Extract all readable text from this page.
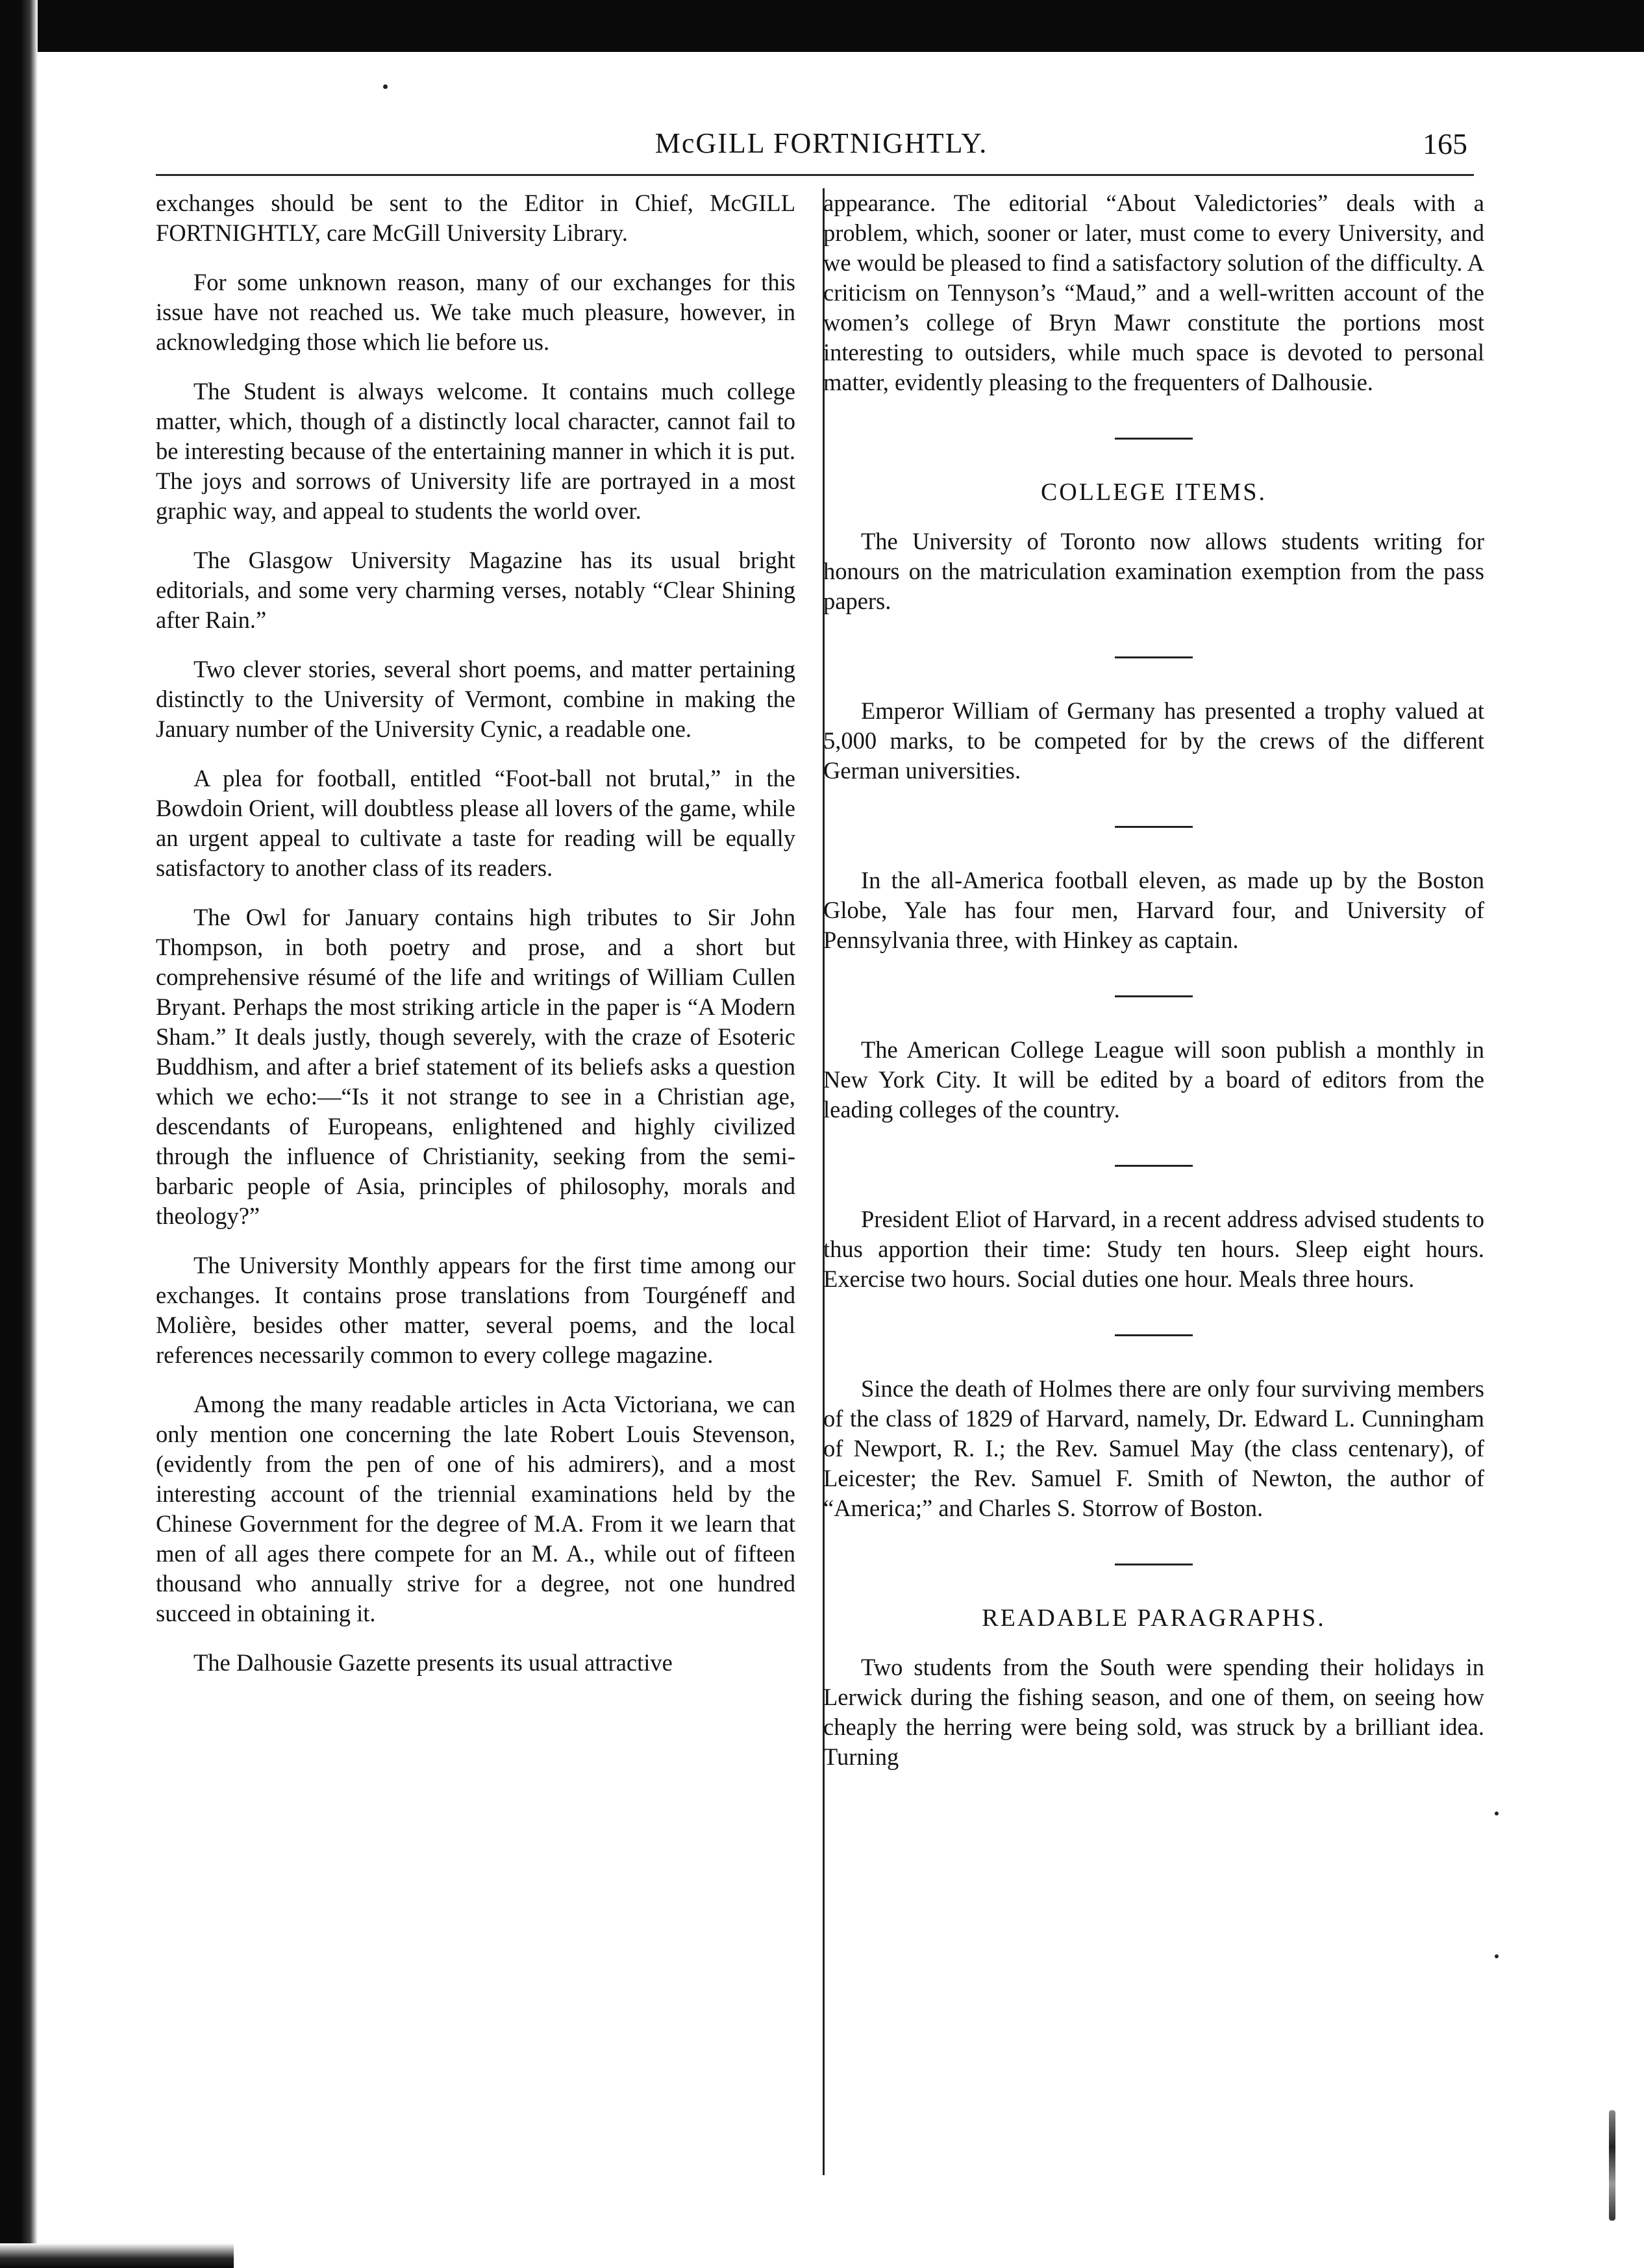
McGILL FORTNIGHTLY.	165

exchanges should be sent to the Editor in Chief, McGILL FORTNIGHTLY, care McGill University Library.

For some unknown reason, many of our exchanges for this issue have not reached us. We take much pleasure, however, in acknowledging those which lie before us.

The Student is always welcome. It contains much college matter, which, though of a distinctly local character, cannot fail to be interesting because of the entertaining manner in which it is put. The joys and sorrows of University life are portrayed in a most graphic way, and appeal to students the world over.

The Glasgow University Magazine has its usual bright editorials, and some very charming verses, notably “Clear Shining after Rain.”

Two clever stories, several short poems, and matter pertaining distinctly to the University of Vermont, combine in making the January number of the University Cynic, a readable one.

A plea for football, entitled “Foot-ball not brutal,” in the Bowdoin Orient, will doubtless please all lovers of the game, while an urgent appeal to cultivate a taste for reading will be equally satisfactory to another class of its readers.

The Owl for January contains high tributes to Sir John Thompson, in both poetry and prose, and a short but comprehensive résumé of the life and writings of William Cullen Bryant. Perhaps the most striking article in the paper is “A Modern Sham.” It deals justly, though severely, with the craze of Esoteric Buddhism, and after a brief statement of its beliefs asks a question which we echo:—“Is it not strange to see in a Christian age, descendants of Europeans, enlightened and highly civilized through the influence of Christianity, seeking from the semi-barbaric people of Asia, principles of philosophy, morals and theology?”

The University Monthly appears for the first time among our exchanges. It contains prose translations from Tourgéneff and Molière, besides other matter, several poems, and the local references necessarily common to every college magazine.

Among the many readable articles in Acta Victoriana, we can only mention one concerning the late Robert Louis Stevenson, (evidently from the pen of one of his admirers), and a most interesting account of the triennial examinations held by the Chinese Government for the degree of M.A. From it we learn that men of all ages there compete for an M. A., while out of fifteen thousand who annually strive for a degree, not one hundred succeed in obtaining it.

The Dalhousie Gazette presents its usual attractive

appearance. The editorial “About Valedictories” deals with a problem, which, sooner or later, must come to every University, and we would be pleased to find a satisfactory solution of the difficulty. A criticism on Tennyson’s “Maud,” and a well-written account of the women’s college of Bryn Mawr constitute the portions most interesting to outsiders, while much space is devoted to personal matter, evidently pleasing to the frequenters of Dalhousie.

COLLEGE ITEMS.

The University of Toronto now allows students writing for honours on the matriculation examination exemption from the pass papers.

Emperor William of Germany has presented a trophy valued at 5,000 marks, to be competed for by the crews of the different German universities.

In the all-America football eleven, as made up by the Boston Globe, Yale has four men, Harvard four, and University of Pennsylvania three, with Hinkey as captain.

The American College League will soon publish a monthly in New York City. It will be edited by a board of editors from the leading colleges of the country.

President Eliot of Harvard, in a recent address advised students to thus apportion their time: Study ten hours. Sleep eight hours. Exercise two hours. Social duties one hour. Meals three hours.

Since the death of Holmes there are only four surviving members of the class of 1829 of Harvard, namely, Dr. Edward L. Cunningham of Newport, R. I.; the Rev. Samuel May (the class centenary), of Leicester; the Rev. Samuel F. Smith of Newton, the author of “America;” and Charles S. Storrow of Boston.

READABLE PARAGRAPHS.

Two students from the South were spending their holidays in Lerwick during the fishing season, and one of them, on seeing how cheaply the herring were being sold, was struck by a brilliant idea. Turning
